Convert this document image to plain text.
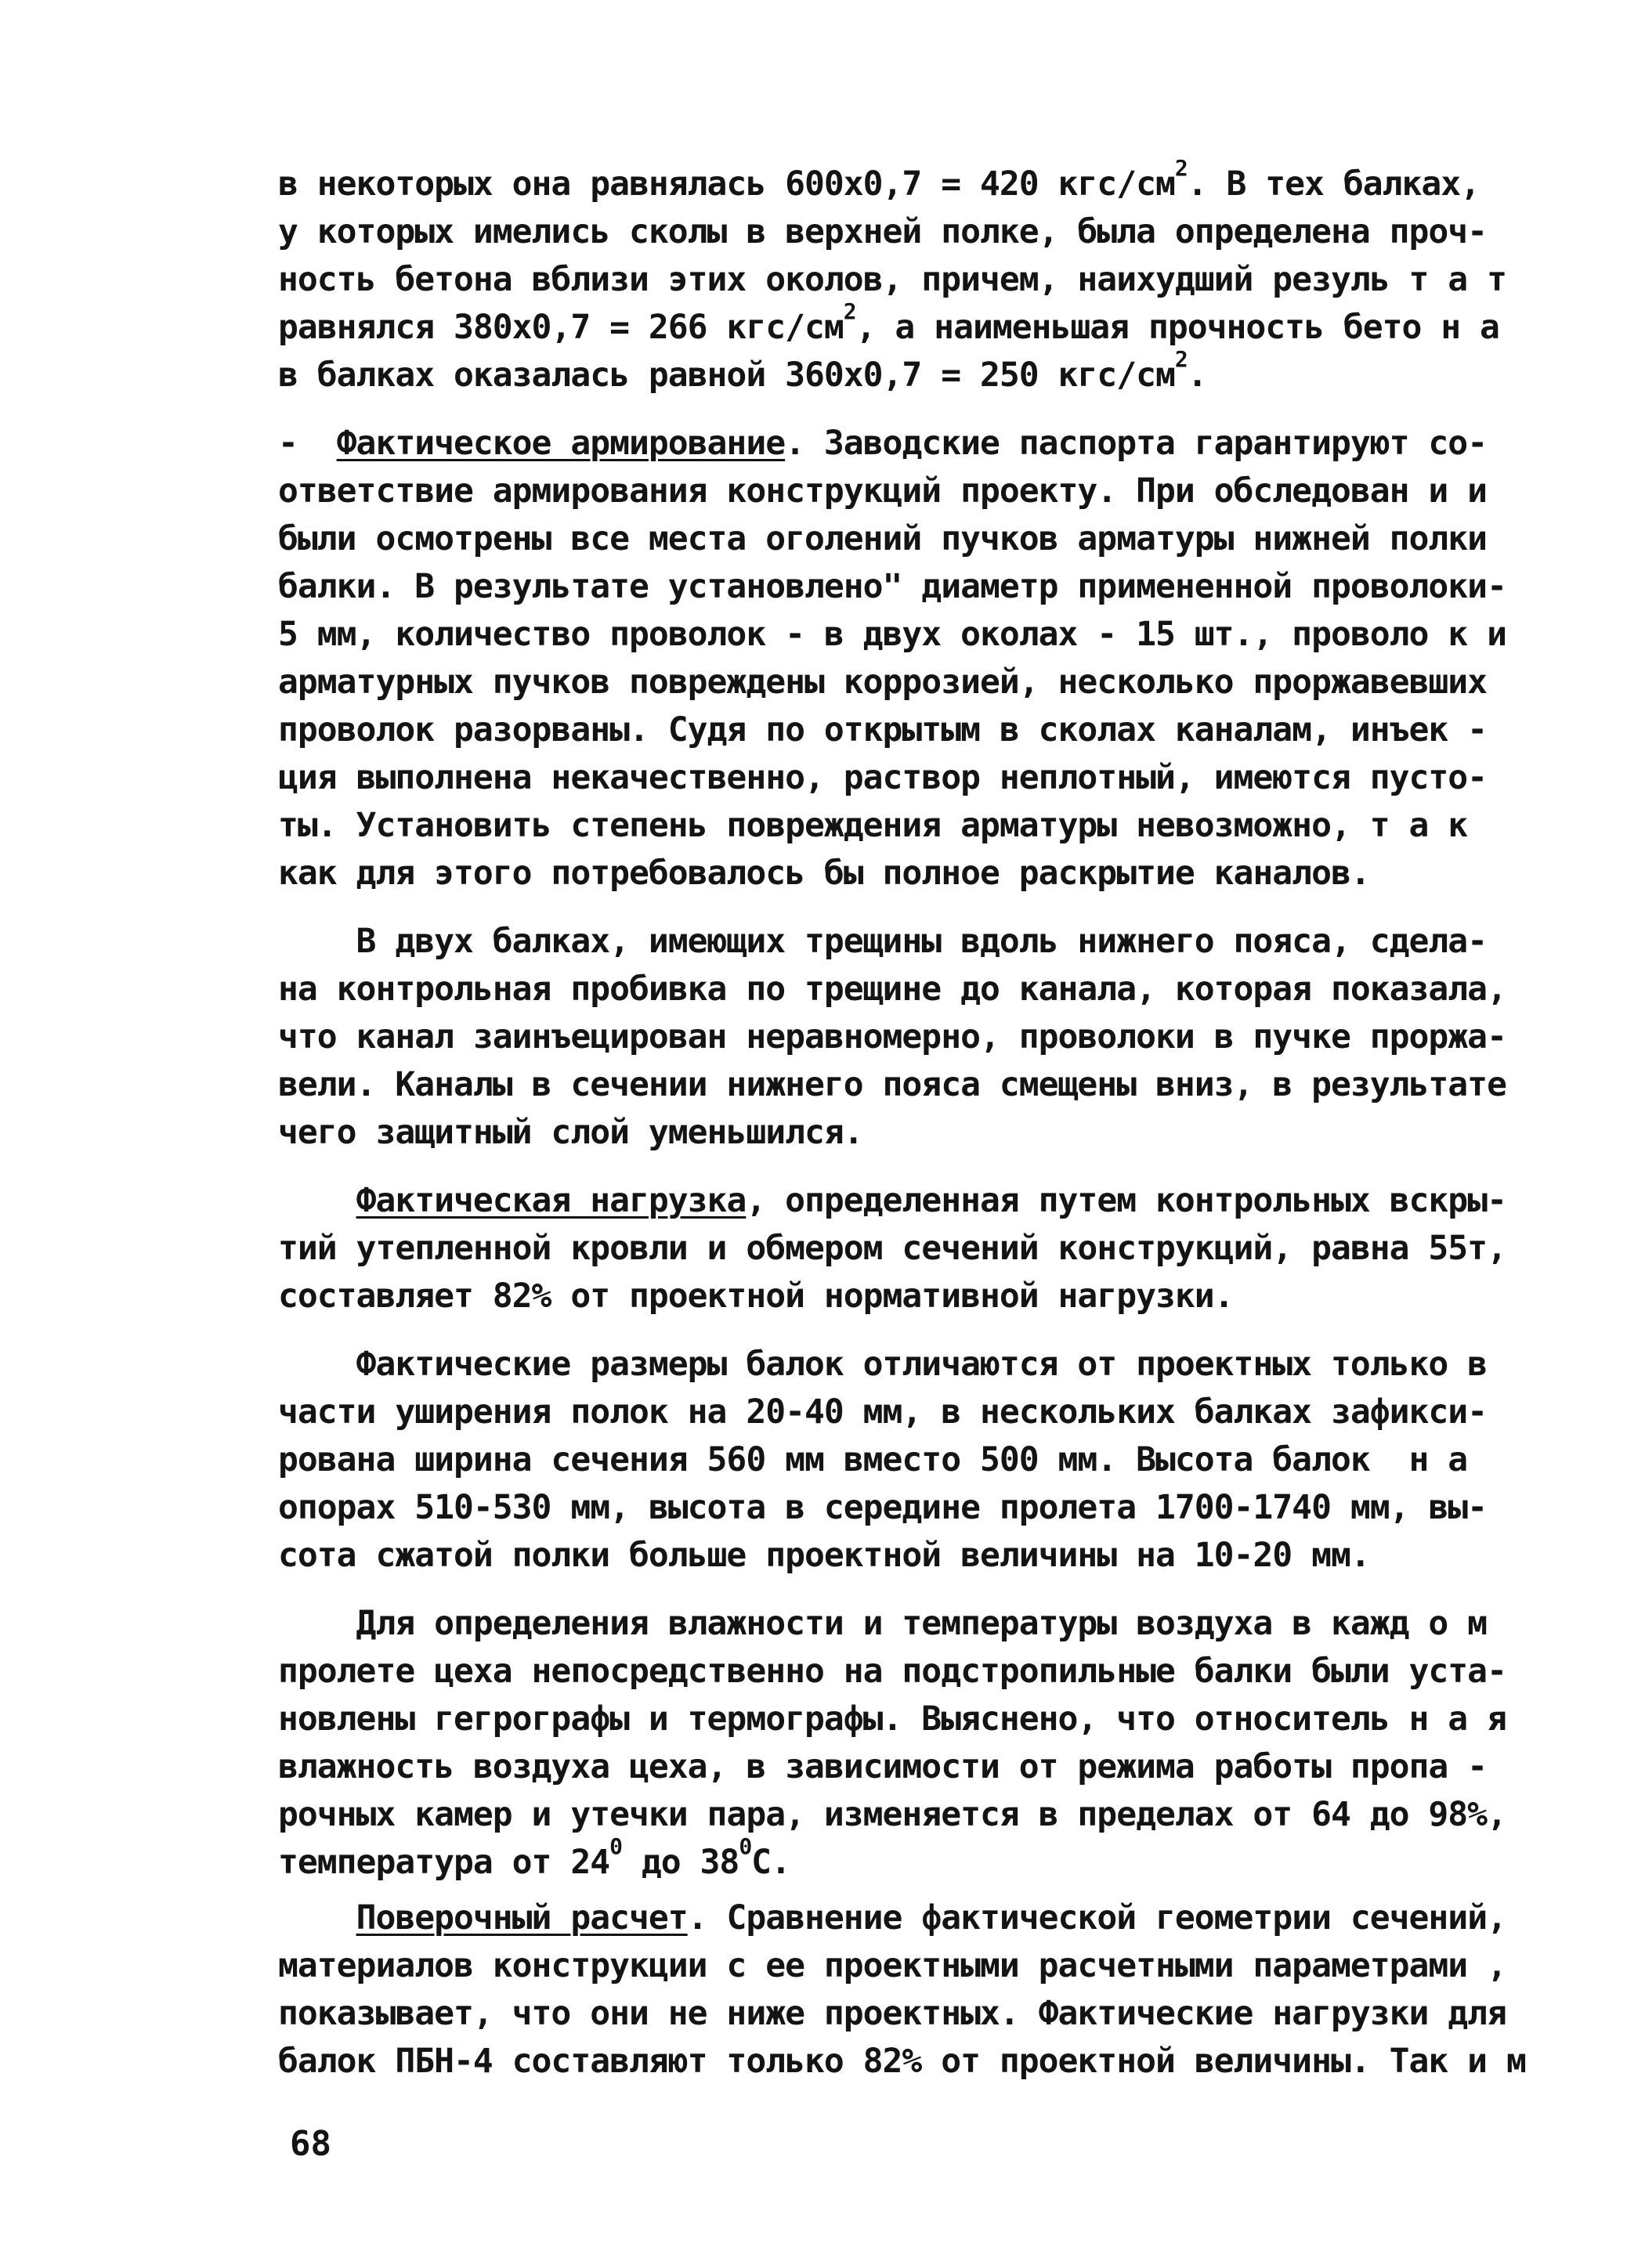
в некоторых она равнялась 600х0,7 = 420 кгс/$см^2$. В тех балках,
у которых имелись сколы в верхней полке, была определена проч-
ность бетона вблизи этих околов, причем, наихудший резуль т а т
равнялся 380х0,7 = 266 кгс/$см^2$, а наименьшая прочность бето н а
в балках оказалась равной 360х0,7 = 250 кгс/$см^2$.
-  Фактическое армирование. Заводские паспорта гарантируют со-
ответствие армирования конструкций проекту. При обследован и и
были осмотрены все места оголений пучков арматуры нижней полки
балки. В результате установлено" диаметр примененной проволоки-
5 мм, количество проволок - в двух околах - 15 шт., проволо к и
арматурных пучков повреждены коррозией, несколько проржавевших
проволок разорваны. Судя по открытым в сколах каналам, инъек -
ция выполнена некачественно, раствор неплотный, имеются пусто-
ты. Установить степень повреждения арматуры невозможно, т а к
как для этого потребовалось бы полное раскрытие каналов.
В двух балках, имеющих трещины вдоль нижнего пояса, сдела-
на контрольная пробивка по трещине до канала, которая показала,
что канал заинъецирован неравномерно, проволоки в пучке проржа-
вели. Каналы в сечении нижнего пояса смещены вниз, в результате
чего защитный слой уменьшился.
Фактическая нагрузка, определенная путем контрольных вскры-
тий утепленной кровли и обмером сечений конструкций, равна 55т,
составляет 82% от проектной нормативной нагрузки.
Фактические размеры балок отличаются от проектных только в
части уширения полок на 20-40 мм, в нескольких балках зафикси-
рована ширина сечения 560 мм вместо 500 мм. Высота балок  н а
опорах 510-530 мм, высота в середине пролета 1700-1740 мм, вы-
сота сжатой полки больше проектной величины на 10-20 мм.
Для определения влажности и температуры воздуха в кажд о м
пролете цеха непосредственно на подстропильные балки были уста-
новлены гегрографы и термографы. Выяснено, что относитель н а я
влажность воздуха цеха, в зависимости от режима работы пропа -
рочных камер и утечки пара, изменяется в пределах от 64 до 98%,
температура от $24^0$ до $38^0С$.
Поверочный расчет. Сравнение фактической геометрии сечений,
материалов конструкции с ее проектными расчетными параметрами ,
показывает, что они не ниже проектных. Фактические нагрузки для
балок ПБН-4 составляют только 82% от проектной величины. Так и м
68
